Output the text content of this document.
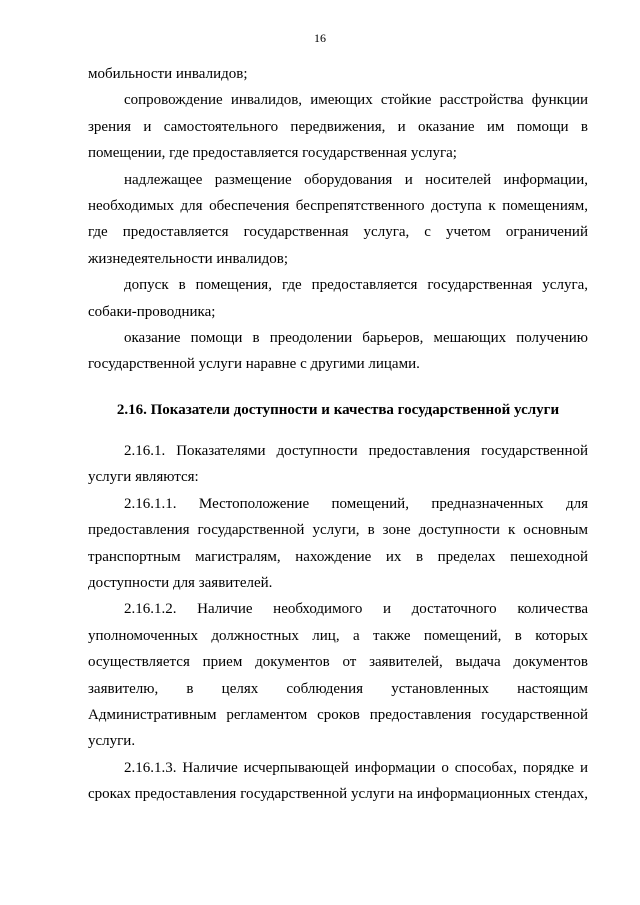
16

мобильности инвалидов;

сопровождение инвалидов, имеющих стойкие расстройства функции зрения и самостоятельного передвижения, и оказание им помощи в помещении, где предоставляется государственная услуга;

надлежащее размещение оборудования и носителей информации, необходимых для обеспечения беспрепятственного доступа к помещениям, где предоставляется государственная услуга, с учетом ограничений жизнедеятельности инвалидов;

допуск в помещения, где предоставляется государственная услуга, собаки-проводника;

оказание помощи в преодолении барьеров, мешающих получению государственной услуги наравне с другими лицами.

2.16. Показатели доступности и качества государственной услуги

2.16.1. Показателями доступности предоставления государственной услуги являются:

2.16.1.1. Местоположение помещений, предназначенных для предоставления государственной услуги, в зоне доступности к основным транспортным магистралям, нахождение их в пределах пешеходной доступности для заявителей.

2.16.1.2. Наличие необходимого и достаточного количества уполномоченных должностных лиц, а также помещений, в которых осуществляется прием документов от заявителей, выдача документов заявителю, в целях соблюдения установленных настоящим Административным регламентом сроков предоставления государственной услуги.

2.16.1.3. Наличие исчерпывающей информации о способах, порядке и сроках предоставления государственной услуги на информационных стендах,
